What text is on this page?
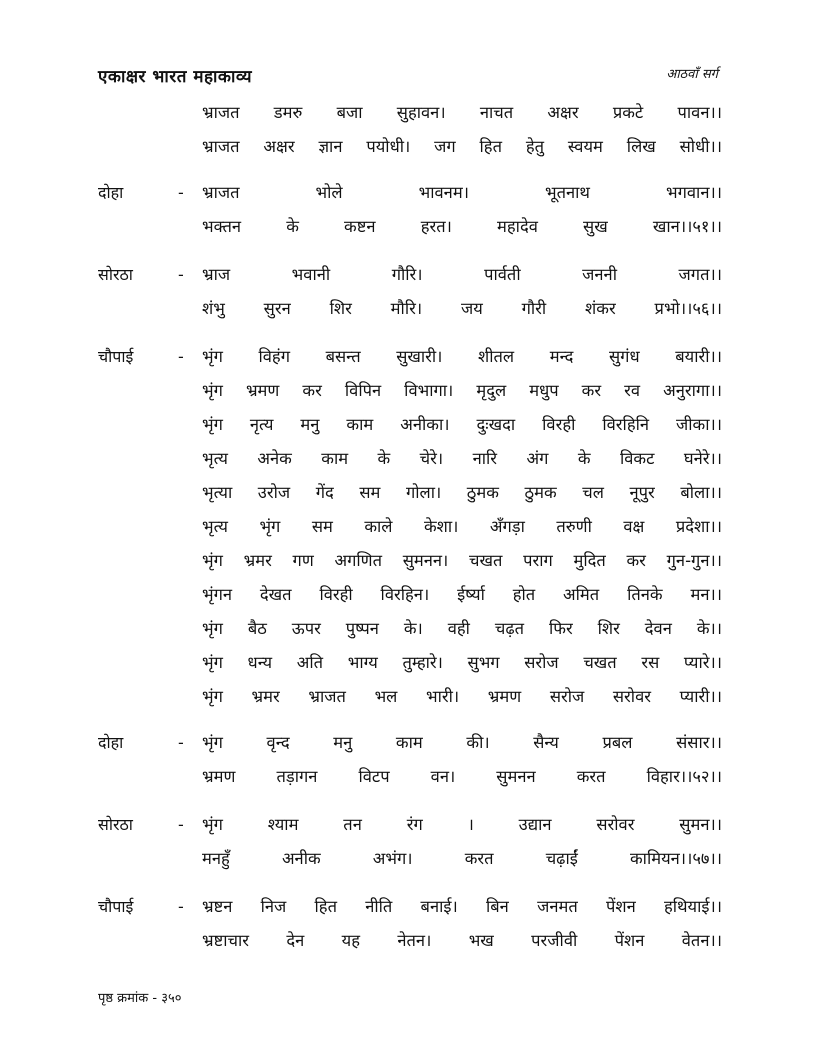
एकाक्षर भारत महाकाव्य	आठवाँ सर्ग
भ्राजत डमरु बजा सुहावन। नाचत अक्षर प्रकटे पावन।।
भ्राजत अक्षर ज्ञान पयोधी। जग हित हेतु स्वयम लिख सोधी।।
दोहा	- भ्राजत भोले भावनम। भूतनाथ भगवान।।
भक्तन के कष्टन हरत। महादेव सुख खान।।५१।।
सोरठा	- भ्राज भवानी गौरि। पार्वती जननी जगत।।
शंभु सुरन शिर मौरि। जय गौरी शंकर प्रभो।।५६।।
चौपाई	- भृंग विहंग बसन्त सुखारी। शीतल मन्द सुगंध बयारी।।
भृंग भ्रमण कर विपिन विभागा। मृदुल मधुप कर रव अनुरागा।।
भृंग नृत्य मनु काम अनीका। दुःखदा विरही विरहिनि जीका।।
भृत्य अनेक काम के चेरे। नारि अंग के विकट घनेरे।।
भृत्या उरोज गेंद सम गोला। ठुमक ठुमक चल नूपुर बोला।।
भृत्य भृंग सम काले केशा। अँगड़ा तरुणी वक्ष प्रदेशा।।
भृंग भ्रमर गण अगणित सुमनन। चखत पराग मुदित कर गुन-गुन।।
भृंगन देखत विरही विरहिन। ईर्ष्या होत अमित तिनके मन।।
भृंग बैठ ऊपर पुष्पन के। वही चढ़त फिर शिर देवन के।।
भृंग धन्य अति भाग्य तुम्हारे। सुभग सरोज चखत रस प्यारे।।
भृंग भ्रमर भ्राजत भल भारी। भ्रमण सरोज सरोवर प्यारी।।
दोहा	- भृंग वृन्द मनु काम की। सैन्य प्रबल संसार।।
भ्रमण तड़ागन विटप वन। सुमनन करत विहार।।५२।।
सोरठा	- भृंग श्याम तन रंग । उद्यान सरोवर सुमन।।
मनहुँ अनीक अभंग। करत चढ़ाईं कामियन।।५७।।
चौपाई	- भ्रष्टन निज हित नीति बनाई। बिन जनमत पेंशन हथियाई।।
भ्रष्टाचार देन यह नेतन। भख परजीवी पेंशन वेतन।।
पृष्ठ क्रमांक - ३५०
